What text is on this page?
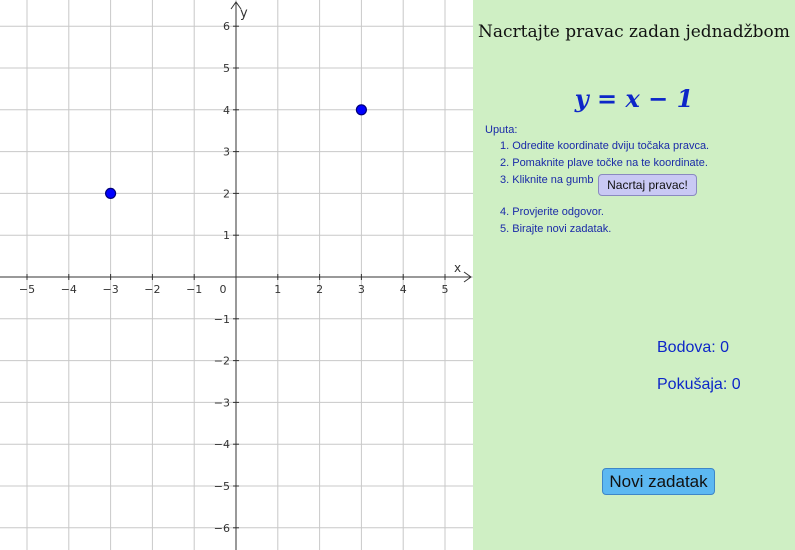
−5 −4 −3 −2 −1 0	1	2	3	4	5
6
5
4
3
2
1
−1
−2
−3
−4
−5
−6
x
y
Nacrtajte pravac zadan jednadžbom
y = x − 1
Uputa:
1. Odredite koordinate dviju točaka pravca.
2. Pomaknite plave točke na te koordinate.
3. Kliknite na gumb
4. Provjerite odgovor.
5. Birajte novi zadatak.
Nacrtaj pravac!
Bodova: 0
Pokušaja: 0
Novi zadatak
